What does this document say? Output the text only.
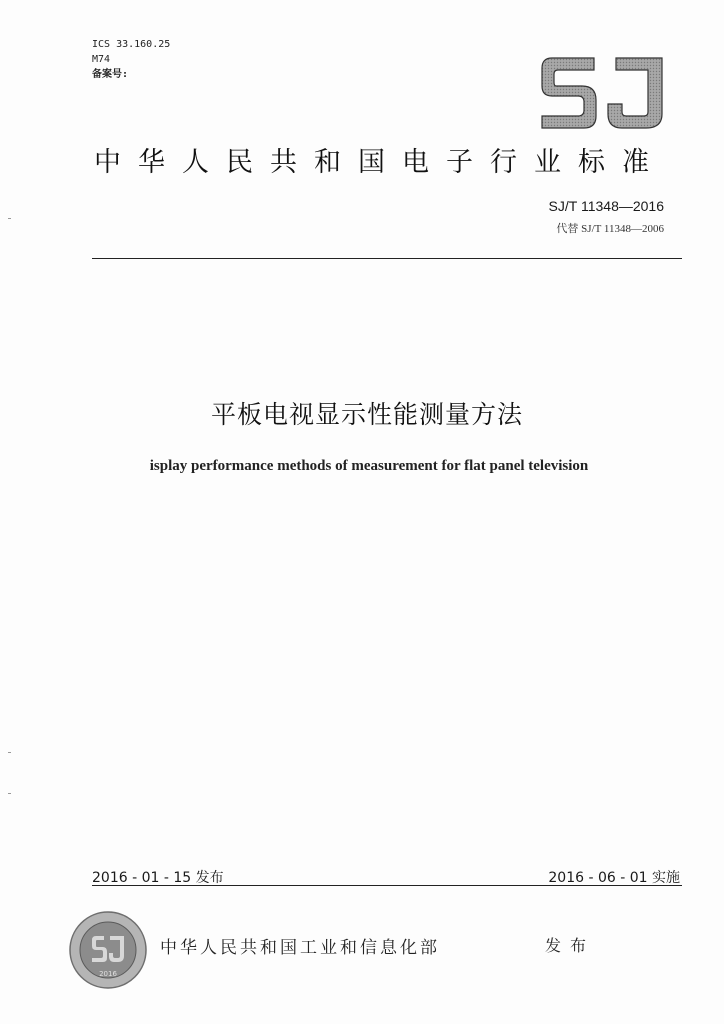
ICS 33.160.25
M74
备案号:
中华人民共和国电子行业标准
SJ/T 11348—2016
代替 SJ/T 11348—2006
平板电视显示性能测量方法
isplay performance methods of measurement for flat panel television
2016 - 01 - 15 发布	2016 - 06 - 01 实施
2016
中华人民共和国工业和信息化部	发布
